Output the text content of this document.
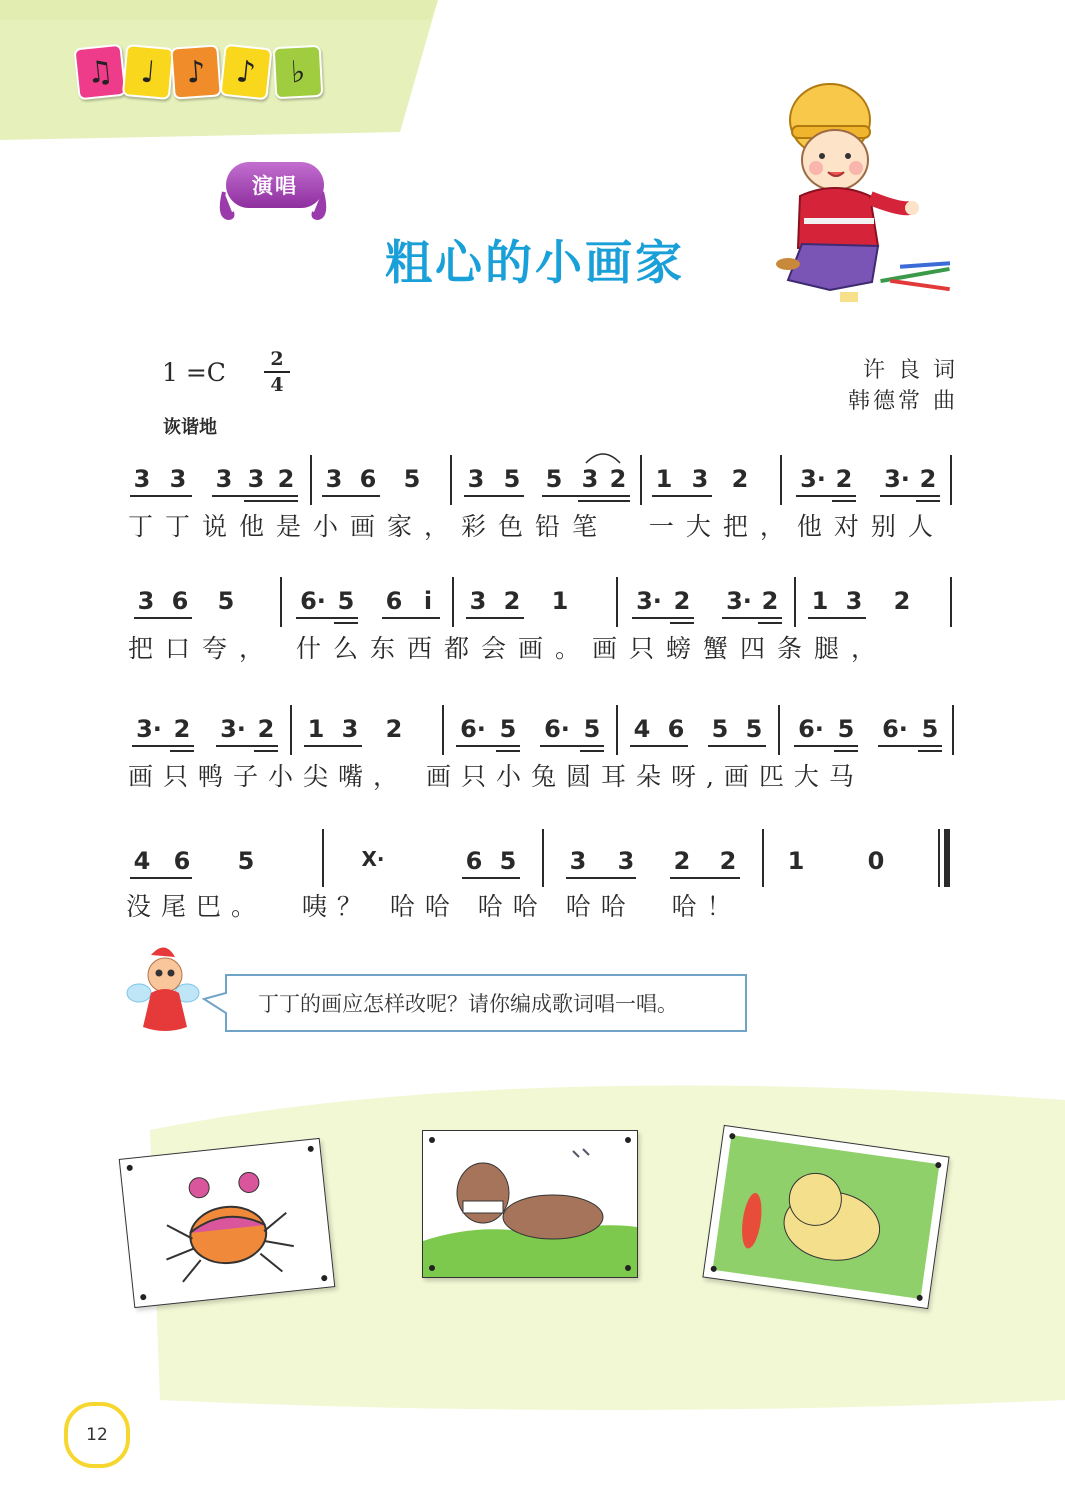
♫ ♩ ♪ ♪ ♭
演唱
粗心的小画家
1 =C	2
4
诙谐地
许 良 词
韩德常 曲
3 3 3 3 2 3 6 5 3 5 5 3 2 1 3 2 3· 2 3· 2
丁丁说他是小画家，彩色铅笔  一大把，他对别人
3 6 5	6· 5 6 i	3 2 1	3· 2 3· 2 1 3 2
把口夸， 什么东西都会画。画只螃蟹四条腿，
3· 2 3· 2 1 3 2 6· 5 6· 5 4 6 5 5 6· 5 6· 5
画只鸭子小尖嘴， 画只小兔圆耳朵呀,画匹大马
4 6 5	X·	6 5 3 3 2 2 1	0
没尾巴。  咦？ 哈哈 哈哈 哈哈  哈！
丁丁的画应怎样改呢？请你编成歌词唱一唱。
12
